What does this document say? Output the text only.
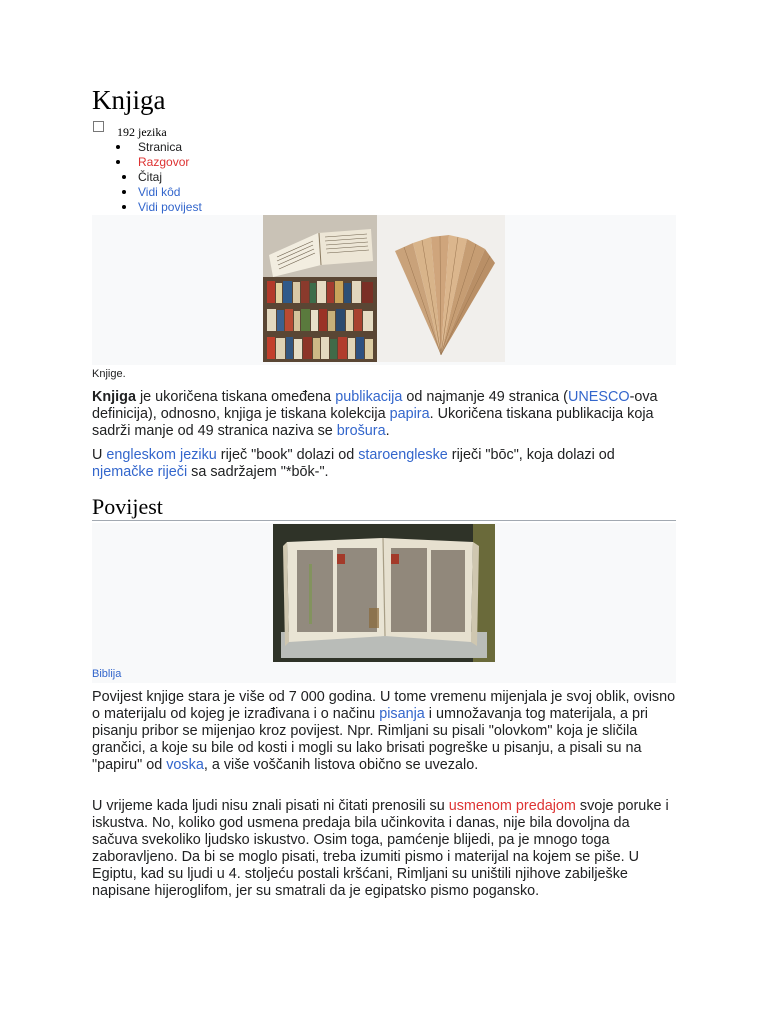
Knjiga
192 jezika
Stranica
Razgovor
Čitaj
Vidi kôd
Vidi povijest
Knjige.

Knjiga je ukoričena tiskana omeđena publikacija od najmanje 49 stranica (UNESCO-ova definicija), odnosno, knjiga je tiskana kolekcija papira. Ukoričena tiskana publikacija koja sadrži manje od 49 stranica naziva se brošura.

U engleskom jeziku riječ "book" dolazi od staroengleske riječi "bōc", koja dolazi od njemačke riječi sa sadržajem "*bōk-".

Povijest
Biblija

Povijest knjige stara je više od 7 000 godina. U tome vremenu mijenjala je svoj oblik, ovisno o materijalu od kojeg je izrađivana i o načinu pisanja i umnožavanja tog materijala, a pri pisanju pribor se mijenjao kroz povijest. Npr. Rimljani su pisali "olovkom" koja je sličila grančici, a koje su bile od kosti i mogli su lako brisati pogreške u pisanju, a pisali su na "papiru" od voska, a više voščanih listova obično se uvezalo.

U vrijeme kada ljudi nisu znali pisati ni čitati prenosili su usmenom predajom svoje poruke i iskustva. No, koliko god usmena predaja bila učinkovita i danas, nije bila dovoljna da sačuva svekoliko ljudsko iskustvo. Osim toga, pamćenje blijedi, pa je mnogo toga zaboravljeno. Da bi se moglo pisati, treba izumiti pismo i materijal na kojem se piše. U Egiptu, kad su ljudi u 4. stoljeću postali kršćani, Rimljani su uništili njihove zabilješke napisane hijeroglifom, jer su smatrali da je egipatsko pismo pogansko.
